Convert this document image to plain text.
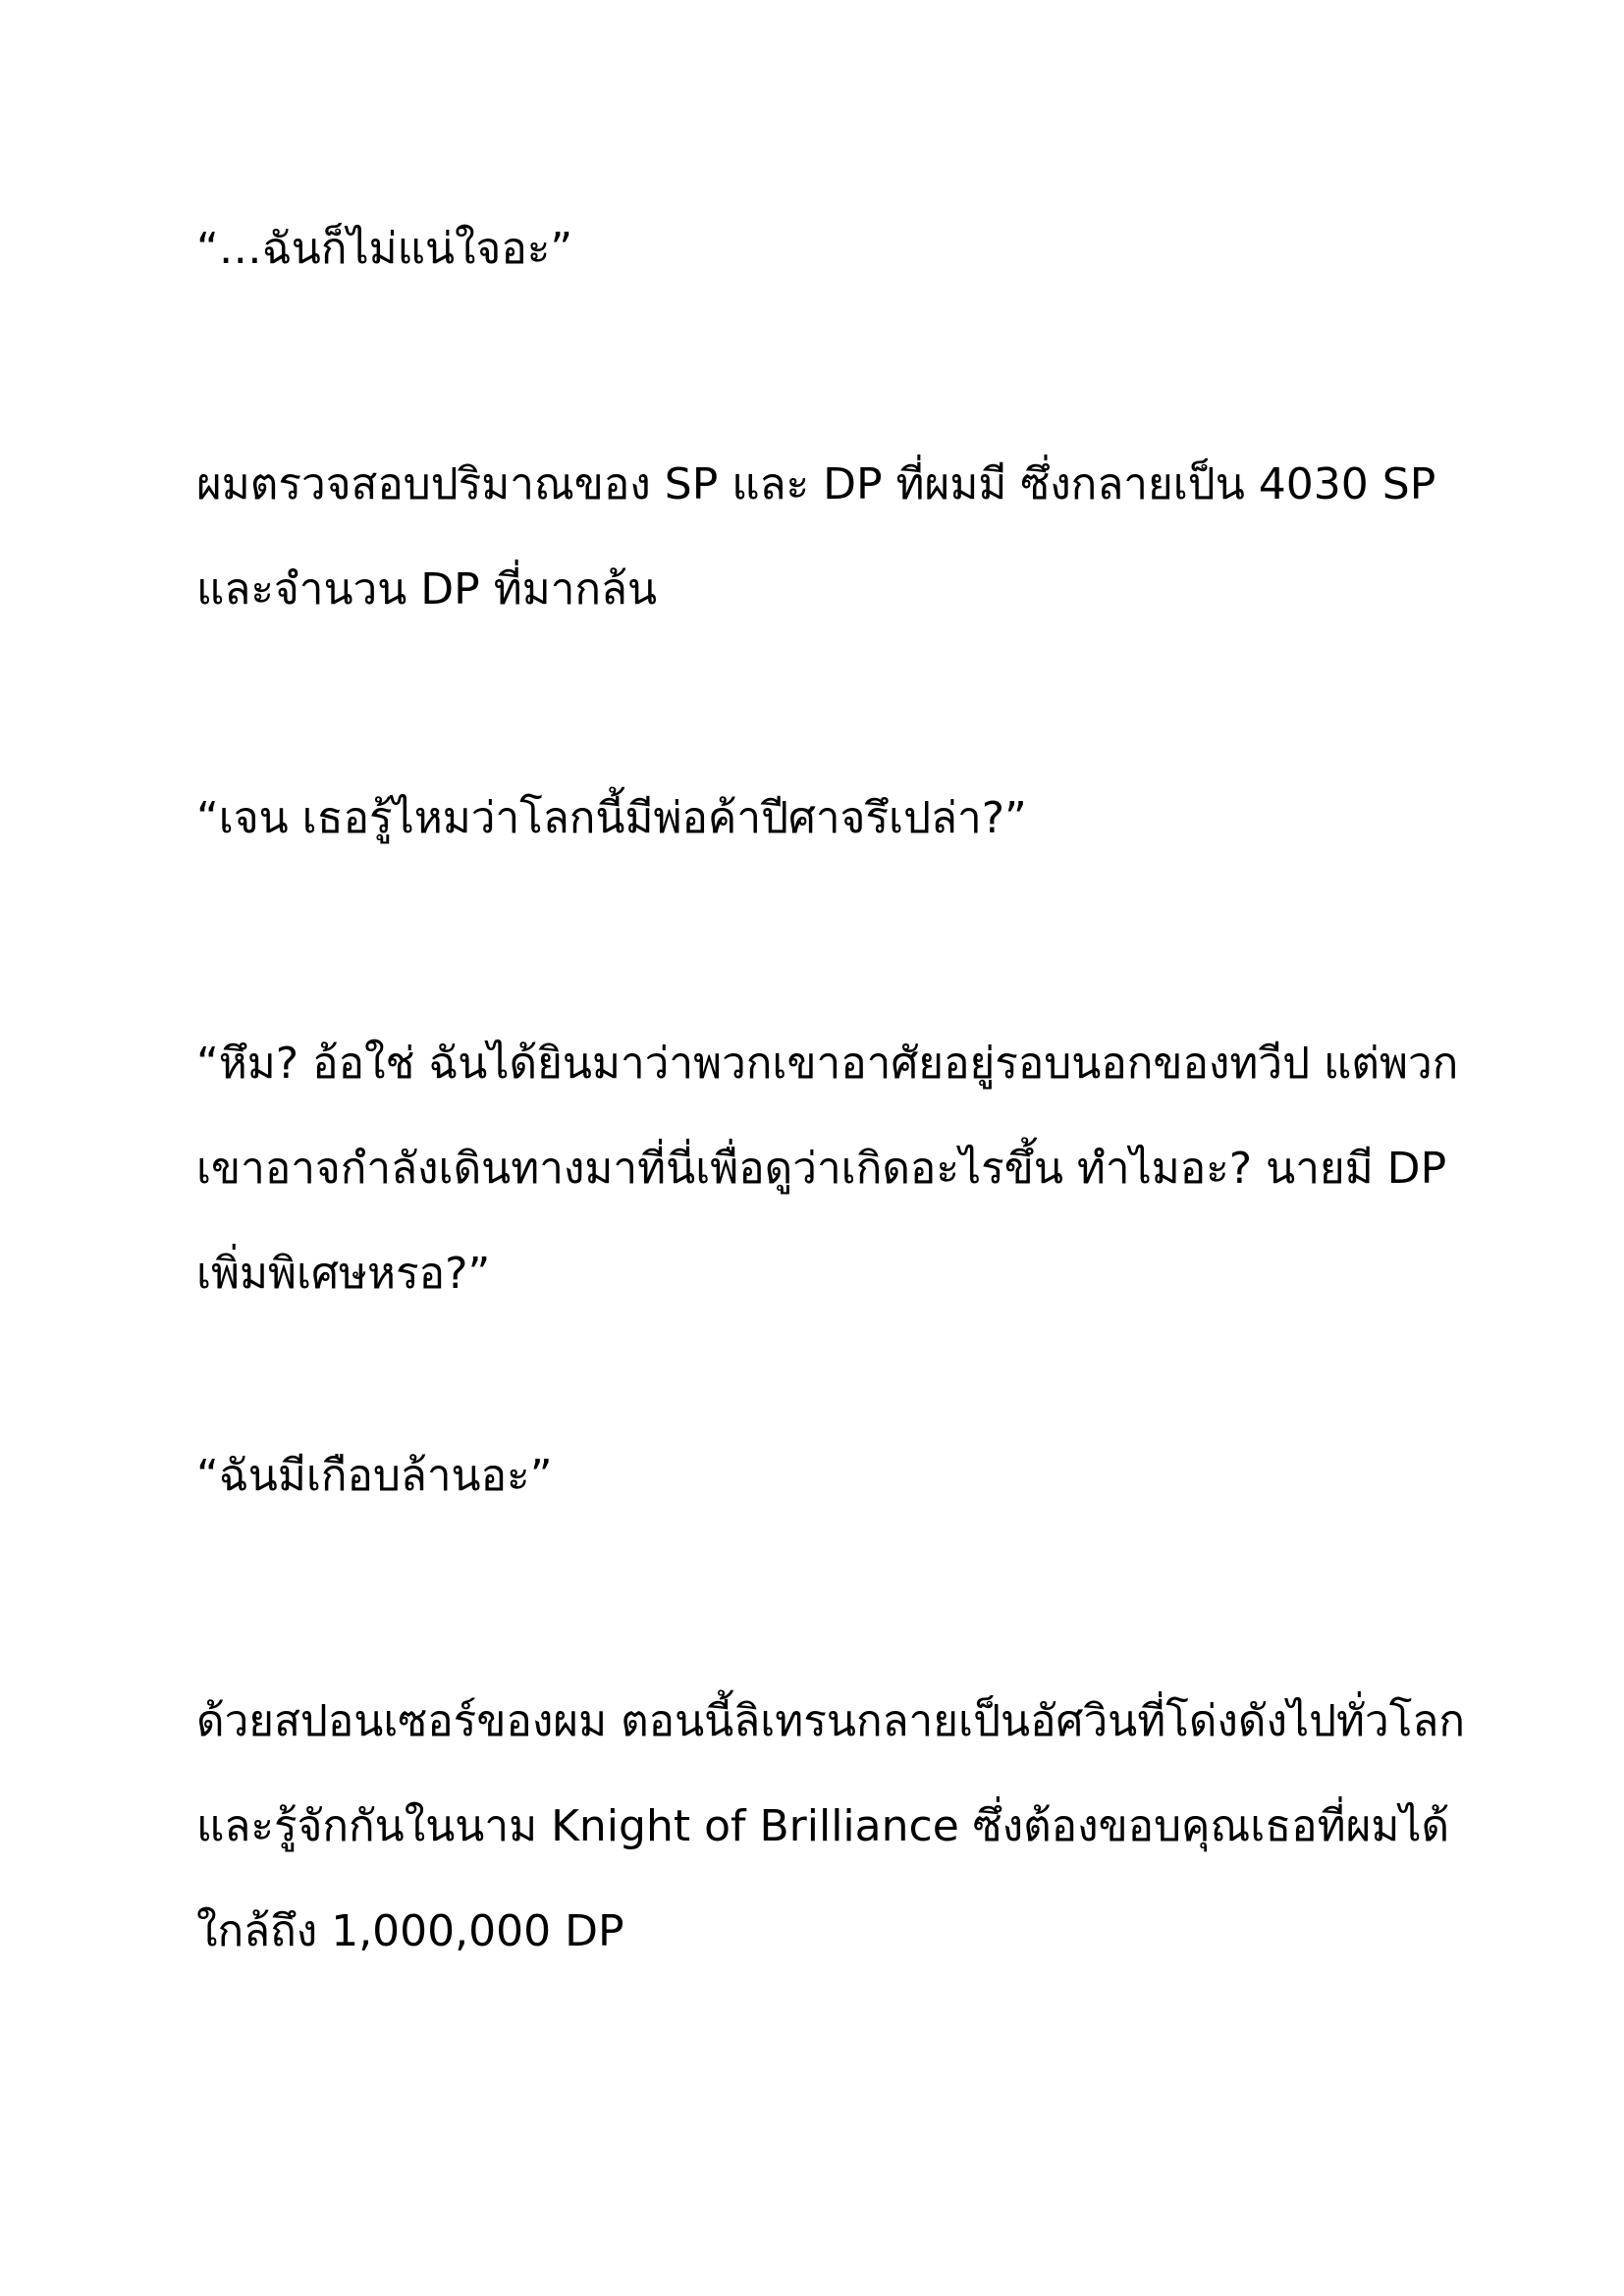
“…ฉันก็ไม่แน่ใจอะ”

ผมตรวจสอบปริมาณของ SP และ DP ที่ผมมี ซึ่งกลายเป็น 4030 SP
และจำนวน DP ที่มากล้น

“เจน เธอรู้ไหมว่าโลกนี้มีพ่อค้าปีศาจรึเปล่า?”

“หึม? อ้อใช่ ฉันได้ยินมาว่าพวกเขาอาศัยอยู่รอบนอกของทวีป แต่พวก
เขาอาจกำลังเดินทางมาที่นี่เพื่อดูว่าเกิดอะไรขึ้น ทำไมอะ? นายมี DP
เพิ่มพิเศษหรอ?”

“ฉันมีเกือบล้านอะ”

ด้วยสปอนเซอร์ของผม ตอนนี้ลิเทรนกลายเป็นอัศวินที่โด่งดังไปทั่วโลก
และรู้จักกันในนาม Knight of Brilliance ซึ่งต้องขอบคุณเธอที่ผมได้
ใกล้ถึง 1,000,000 DP
